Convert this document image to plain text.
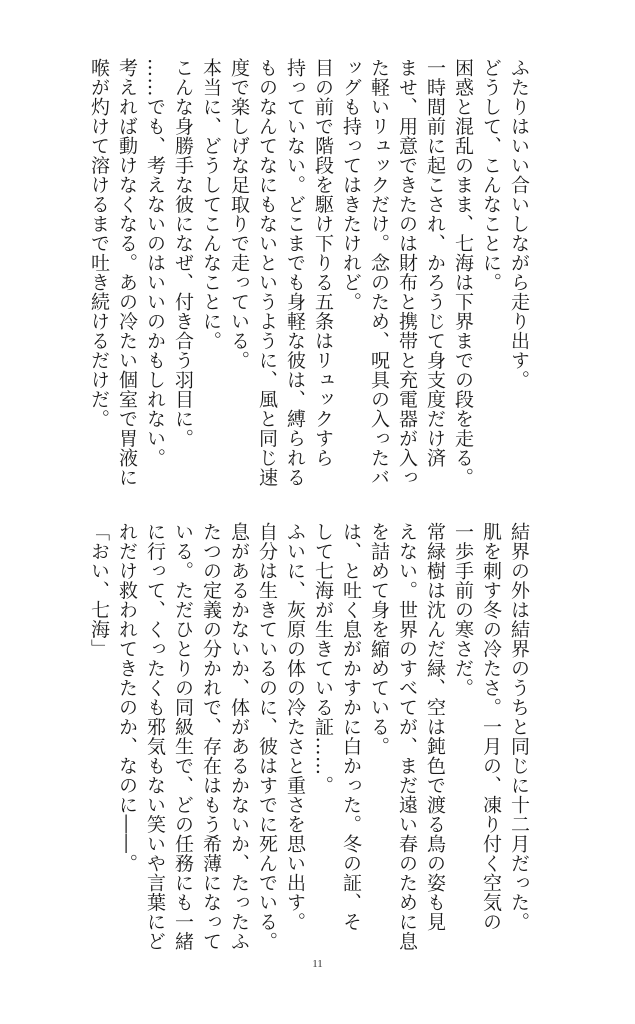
ふたりはいい合いしながら走り出す。
どうして、こんなことに。
困惑と混乱のまま、七海は下界までの段を走る。
一時間前に起こされ、かろうじて身支度だけ済
ませ、用意できたのは財布と携帯と充電器が入っ
た軽いリュックだけ。念のため、呪具の入ったバ
ッグも持ってはきたけれど。
目の前で階段を駆け下りる五条はリュックすら
持っていない。どこまでも身軽な彼は、縛られる
ものなんてなにもないというように、風と同じ速
度で楽しげな足取りで走っている。
本当に、どうしてこんなことに。
こんな身勝手な彼になぜ、付き合う羽目に。
……でも、考えないのはいいのかもしれない。
考えれば動けなくなる。あの冷たい個室で胃液に
喉が灼けて溶けるまで吐き続けるだけだ。
結界の外は結界のうちと同じに十二月だった。
肌を刺す冬の冷たさ。一月の、凍り付く空気の
一歩手前の寒さだ。
常緑樹は沈んだ緑、空は鈍色で渡る鳥の姿も見
えない。世界のすべてが、まだ遠い春のために息
を詰めて身を縮めている。
は、と吐く息がかすかに白かった。冬の証、そ
して七海が生きている証……。
ふいに、灰原の体の冷たさと重さを思い出す。
自分は生きているのに、彼はすでに死んでいる。
息があるかないか、体があるかないか、たったふ
たつの定義の分かれで、存在はもう希薄になって
いる。ただひとりの同級生で、どの任務にも一緒
に行って、くったくも邪気もない笑いや言葉にど
れだけ救われてきたのか、なのに――。
「おい、七海」
11
